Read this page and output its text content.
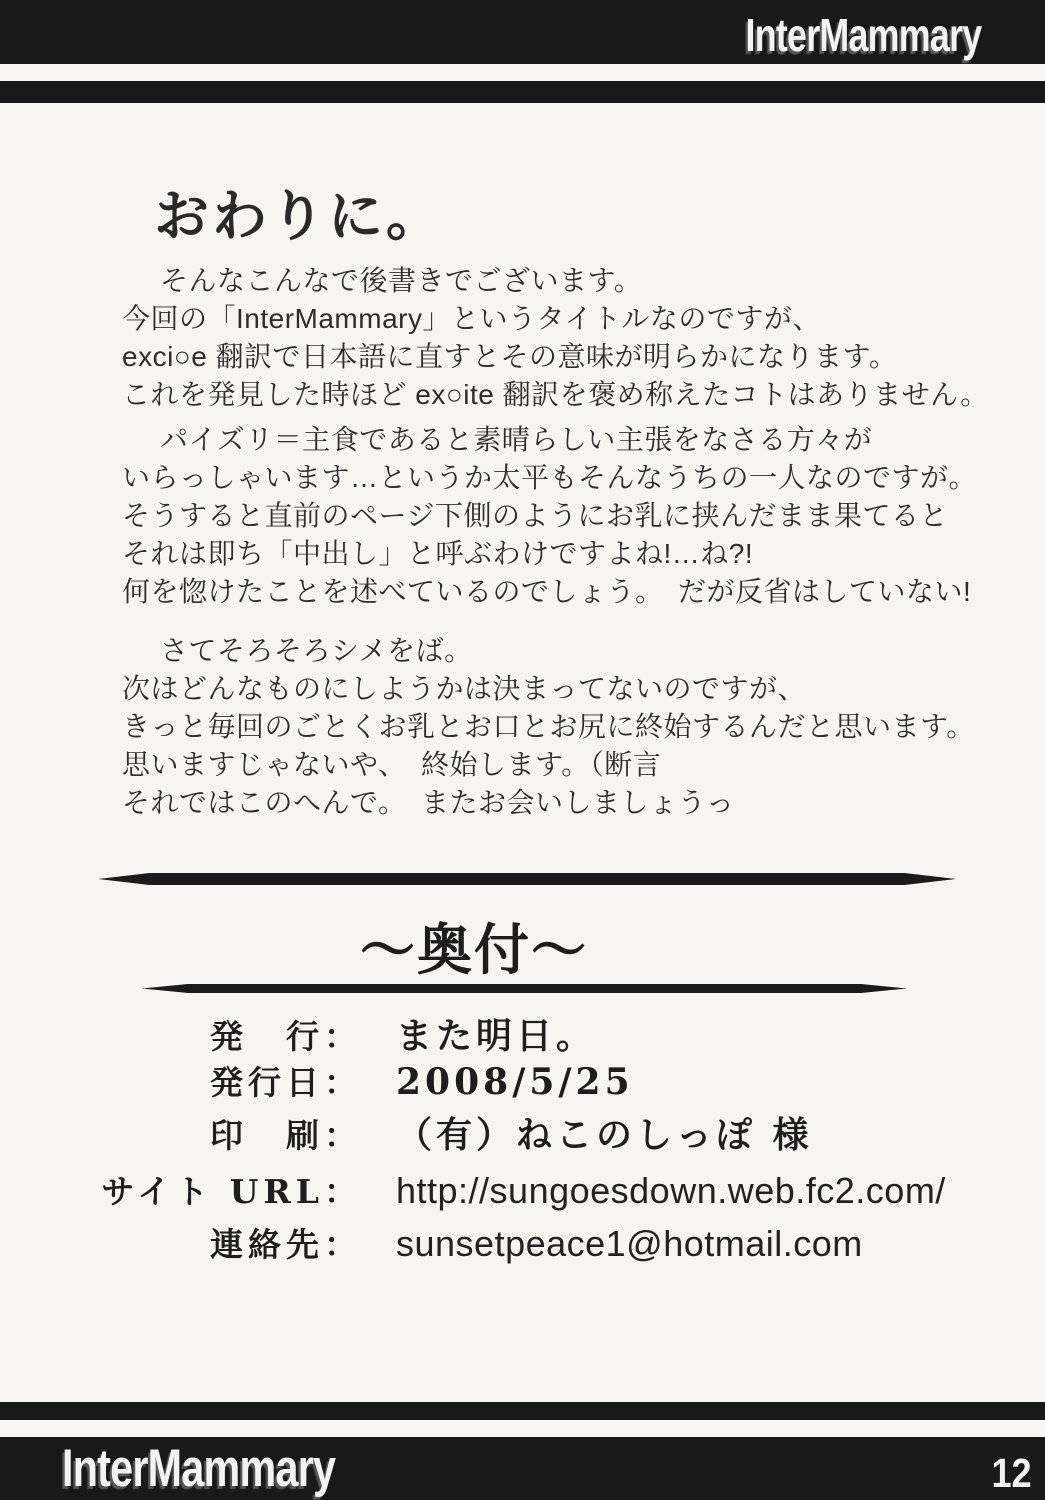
InterMammary
おわりに。
そんなこんなで後書きでございます。
今回の「InterMammary」というタイトルなのですが、
exci○e 翻訳で日本語に直すとその意味が明らかになります。
これを発見した時ほど ex○ite 翻訳を褒め称えたコトはありません。
パイズリ＝主食であると素晴らしい主張をなさる方々が
いらっしゃいます…というか太平もそんなうちの一人なのですが。
そうすると直前のページ下側のようにお乳に挟んだまま果てると
それは即ち「中出し」と呼ぶわけですよね!…ね?!
何を惚けたことを述べているのでしょう。　だが反省はしていない!
さてそろそろシメをば。
次はどんなものにしようかは決まってないのですが、
きっと毎回のごとくお乳とお口とお尻に終始するんだと思います。
思いますじゃないや、　終始します。（断言
それではこのへんで。　またお会いしましょうっ
～奥付～
発　行： また明日。
発行日： 2008/5/25
印　刷： （有）ねこのしっぽ 様
サイト URL： http://sungoesdown.web.fc2.com/
連絡先： sunsetpeace1@hotmail.com
InterMammary	12
